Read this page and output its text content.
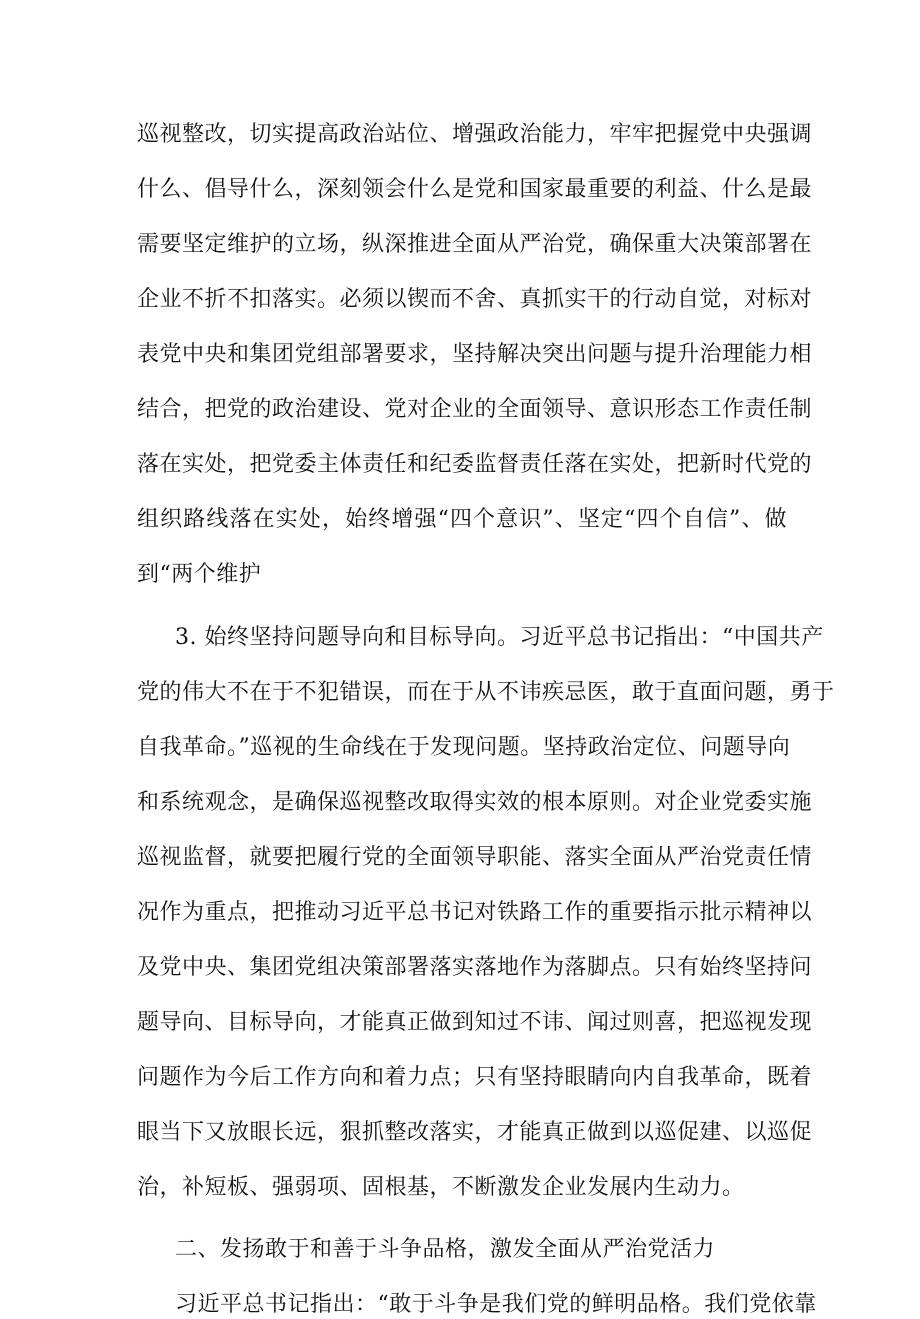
巡视整改，切实提高政治站位、增强政治能力，牢牢把握党中央强调
什么、倡导什么，深刻领会什么是党和国家最重要的利益、什么是最
需要坚定维护的立场，纵深推进全面从严治党，确保重大决策部署在
企业不折不扣落实。必须以锲而不舍、真抓实干的行动自觉，对标对
表党中央和集团党组部署要求，坚持解决突出问题与提升治理能力相
结合，把党的政治建设、党对企业的全面领导、意识形态工作责任制
落在实处，把党委主体责任和纪委监督责任落在实处，把新时代党的
组织路线落在实处，始终增强“四个意识”、坚定“四个自信”、做
到“两个维护
3. 始终坚持问题导向和目标导向。习近平总书记指出：“中国共产
党的伟大不在于不犯错误，而在于从不讳疾忌医，敢于直面问题，勇于
自我革命。”巡视的生命线在于发现问题。坚持政治定位、问题导向
和系统观念，是确保巡视整改取得实效的根本原则。对企业党委实施
巡视监督，就要把履行党的全面领导职能、落实全面从严治党责任情
况作为重点，把推动习近平总书记对铁路工作的重要指示批示精神以
及党中央、集团党组决策部署落实落地作为落脚点。只有始终坚持问
题导向、目标导向，才能真正做到知过不讳、闻过则喜，把巡视发现
问题作为今后工作方向和着力点；只有坚持眼睛向内自我革命，既着
眼当下又放眼长远，狠抓整改落实，才能真正做到以巡促建、以巡促
治，补短板、强弱项、固根基，不断激发企业发展内生动力。
二、发扬敢于和善于斗争品格，激发全面从严治党活力
习近平总书记指出：“敢于斗争是我们党的鲜明品格。我们党依靠
